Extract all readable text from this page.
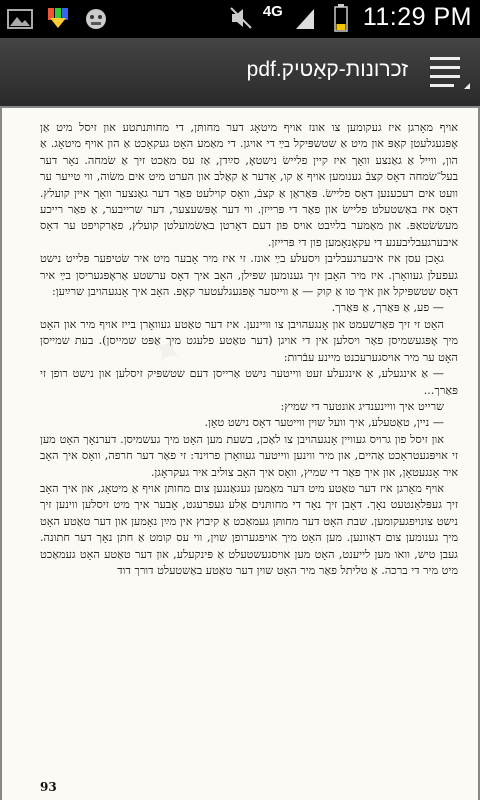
4G	11:29 PM
זכרונות-קאַטיק.pdf
✦

אויף מאָרגן איז געקומען צו אונז אויף מיטאָג דער מחותּן, די מחותּנתטע און זיסל מיט אַן אָפּגעגלעטן קאַפּ און מיט אַ שטשפּיקל בײַ די אויגן. די מאַמע האָט געקאָכט אַ הון אויף מיטאָג. אַ הון, ווייל אַ גאַנצע וואָך איז קיין פליישׂ נישטאָ, סײַדן, אַז עס מאַכט זיך אַ שׂמחה. נאָר דער בעל־שׂמחה דאָס קצבֿ גענומען אויף אַ קו, אָדער אַ קאַלב און הערט מיט אים משׂוה, ווי טייער ער וועט אים רעכענען דאָס פליישׂ. פּאַראַן אַ קצבֿ, וואָס קוילעט פאַר דער גאַנצער וואָך איין קועלץ. דאָס איז באַשטעלט פליישׂ און פאַר די פּרייזן. ווי דער אָפּשעצער, דער שרייבער, אַ פאַר רייכע מעשׂשׂטאַפּ. און מאַמער בלײַבט אויס פון דעם דאָרטן באַשׂמועלטן קועלץ, פאַרקויפט ער דאָס איבערגעבליבענע די עקאָנאָמען פון די פּרייזן.

גאָכן עסן איז איבערגעבליבן ויסעלע בײַ אונז. זי איז מיר אָבער מיט איר שׂטיפער פּלייט נישט געפעלן געוואָרן. איז מיר האָבן זיך גענומען שפּילן, האָב איך דאָס ערשטע אַראָפּגעריסן בײַ איר דאָס שטשפּיקל און איך טו אַ קוק — אַ ווייסער אָפּגעגלעטער קאָפּ. האָב איך אָנגעהויבן שרײַען:

— פע, אַ פּאַרך, אַ פּאַרך.

האָט זי זיך פאַרשעמט און אָנגעהויבן צו וויינען. איז דער טאַטע געוואָרן בייז אויף מיר און האָט מיך אָפּגעשמיסן פאַר ויסלען אין די אויגן (דער טאַטע פלעגט מיך אַפּט שמייסן). בעת שמייסן האָט ער מיר אויסגערעכנט מיינע עבֿרות:

— אַ אינגעלע, אַ אינגעלע זעט ווייטער נישט אַרייסן דעם שטשפּיק זיסלען און נישט רופן זי פּאַרך...

שרייט איך וויינענדיג אונטער די שמיץ:

— ניין, טאַטעלע, איך וועל שוין ווייטער דאָס נישט טאָן.

און זיסל פון גרויס געוויין אָנגעהויבן צו לאַכן, בשעת מען האָט מיך געשמיסן. דערנאָך האָט מען זי אויפּגעטראָכט אַהיים, און מיר ווינען ווייטער געוואָרן פרוינד: זי פאַר דער חרפה, וואָס איך האָב איר אָנגעטאָן, און איך פאַר די שמיץ, וואָס איך האָב צוליב איר געקראָגן.

אויף מאָרגן איז דער טאַטע מיט דער מאַמען געגאַנגען צום מחותּן אויף אַ מיטאָג, און איך האָב זיך געפּלאָנטעט נאָך. דאָבן זיך נאָר די מחותּנים אַלע געפרעגט, אָבער איך מיט זיסלען ווינען זיך נישט צונויפגעקומען. שבת האָט דער מחותּן געמאַכט אַ קיבוץ אין מײַן נאָמען און דער טאַטע האָט מיך גענומען צום דאַוונען. מען האָט מיך אויפגערופן שוין, ווי עס קומט אַ חתן נאָך דער חתונה. געבן טיש, וואו מען לייענט, האָט מען אויסגעשטעלט אַ פּינקעלע, און דער טאַטע האָט געמאַכט מיט מיר די ברכה. אַ טליתל פאַר מיר האָט שוין דער טאַטע באַשטעלט דורך דוד

93
